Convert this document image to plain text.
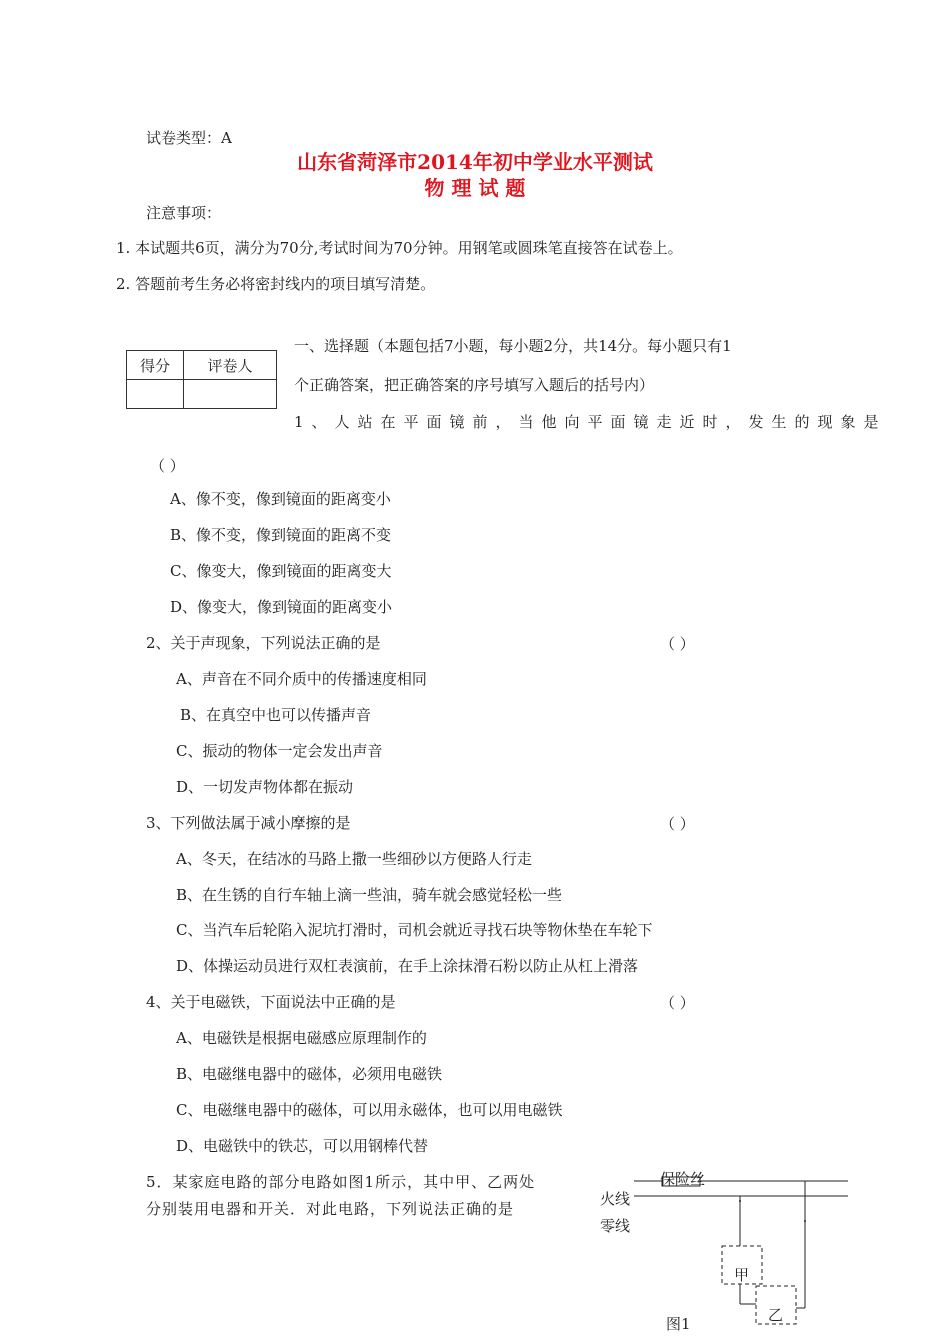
试卷类型：A
山东省菏泽市2014年初中学业水平测试
物 理 试 题
注意事项：
1. 本试题共6页，满分为70分,考试时间为70分钟。用钢笔或圆珠笔直接答在试卷上。
2. 答题前考生务必将密封线内的项目填写清楚。
得分	评卷人

一、选择题（本题包括7小题，每小题2分，共14分。每小题只有1
个正确答案，把正确答案的序号填写入题后的括号内）
1、人站在平面镜前，当他向平面镜走近时，发生的现象是
（ ）
A、像不变，像到镜面的距离变小
B、像不变，像到镜面的距离不变
C、像变大，像到镜面的距离变大
D、像变大，像到镜面的距离变小
2、关于声现象，下列说法正确的是	（ ）
A、声音在不同介质中的传播速度相同
B、在真空中也可以传播声音
C、振动的物体一定会发出声音
D、一切发声物体都在振动
3、下列做法属于减小摩擦的是	（ ）
A、冬天，在结冰的马路上撒一些细砂以方便路人行走
B、在生锈的自行车轴上滴一些油，骑车就会感觉轻松一些
C、当汽车后轮陷入泥坑打滑时，司机会就近寻找石块等物休垫在车轮下
D、体操运动员进行双杠表演前，在手上涂抹滑石粉以防止从杠上滑落
4、关于电磁铁，下面说法中正确的是	（ ）
A、电磁铁是根据电磁感应原理制作的
B、电磁继电器中的磁体，必须用电磁铁
C、电磁继电器中的磁体，可以用永磁体，也可以用电磁铁
D、电磁铁中的铁芯，可以用钢棒代替
5．某家庭电路的部分电路如图1所示，其中甲、乙两处
分别装用电器和开关．对此电路，下列说法正确的是
保险丝
火线
零线
甲
乙
图1
